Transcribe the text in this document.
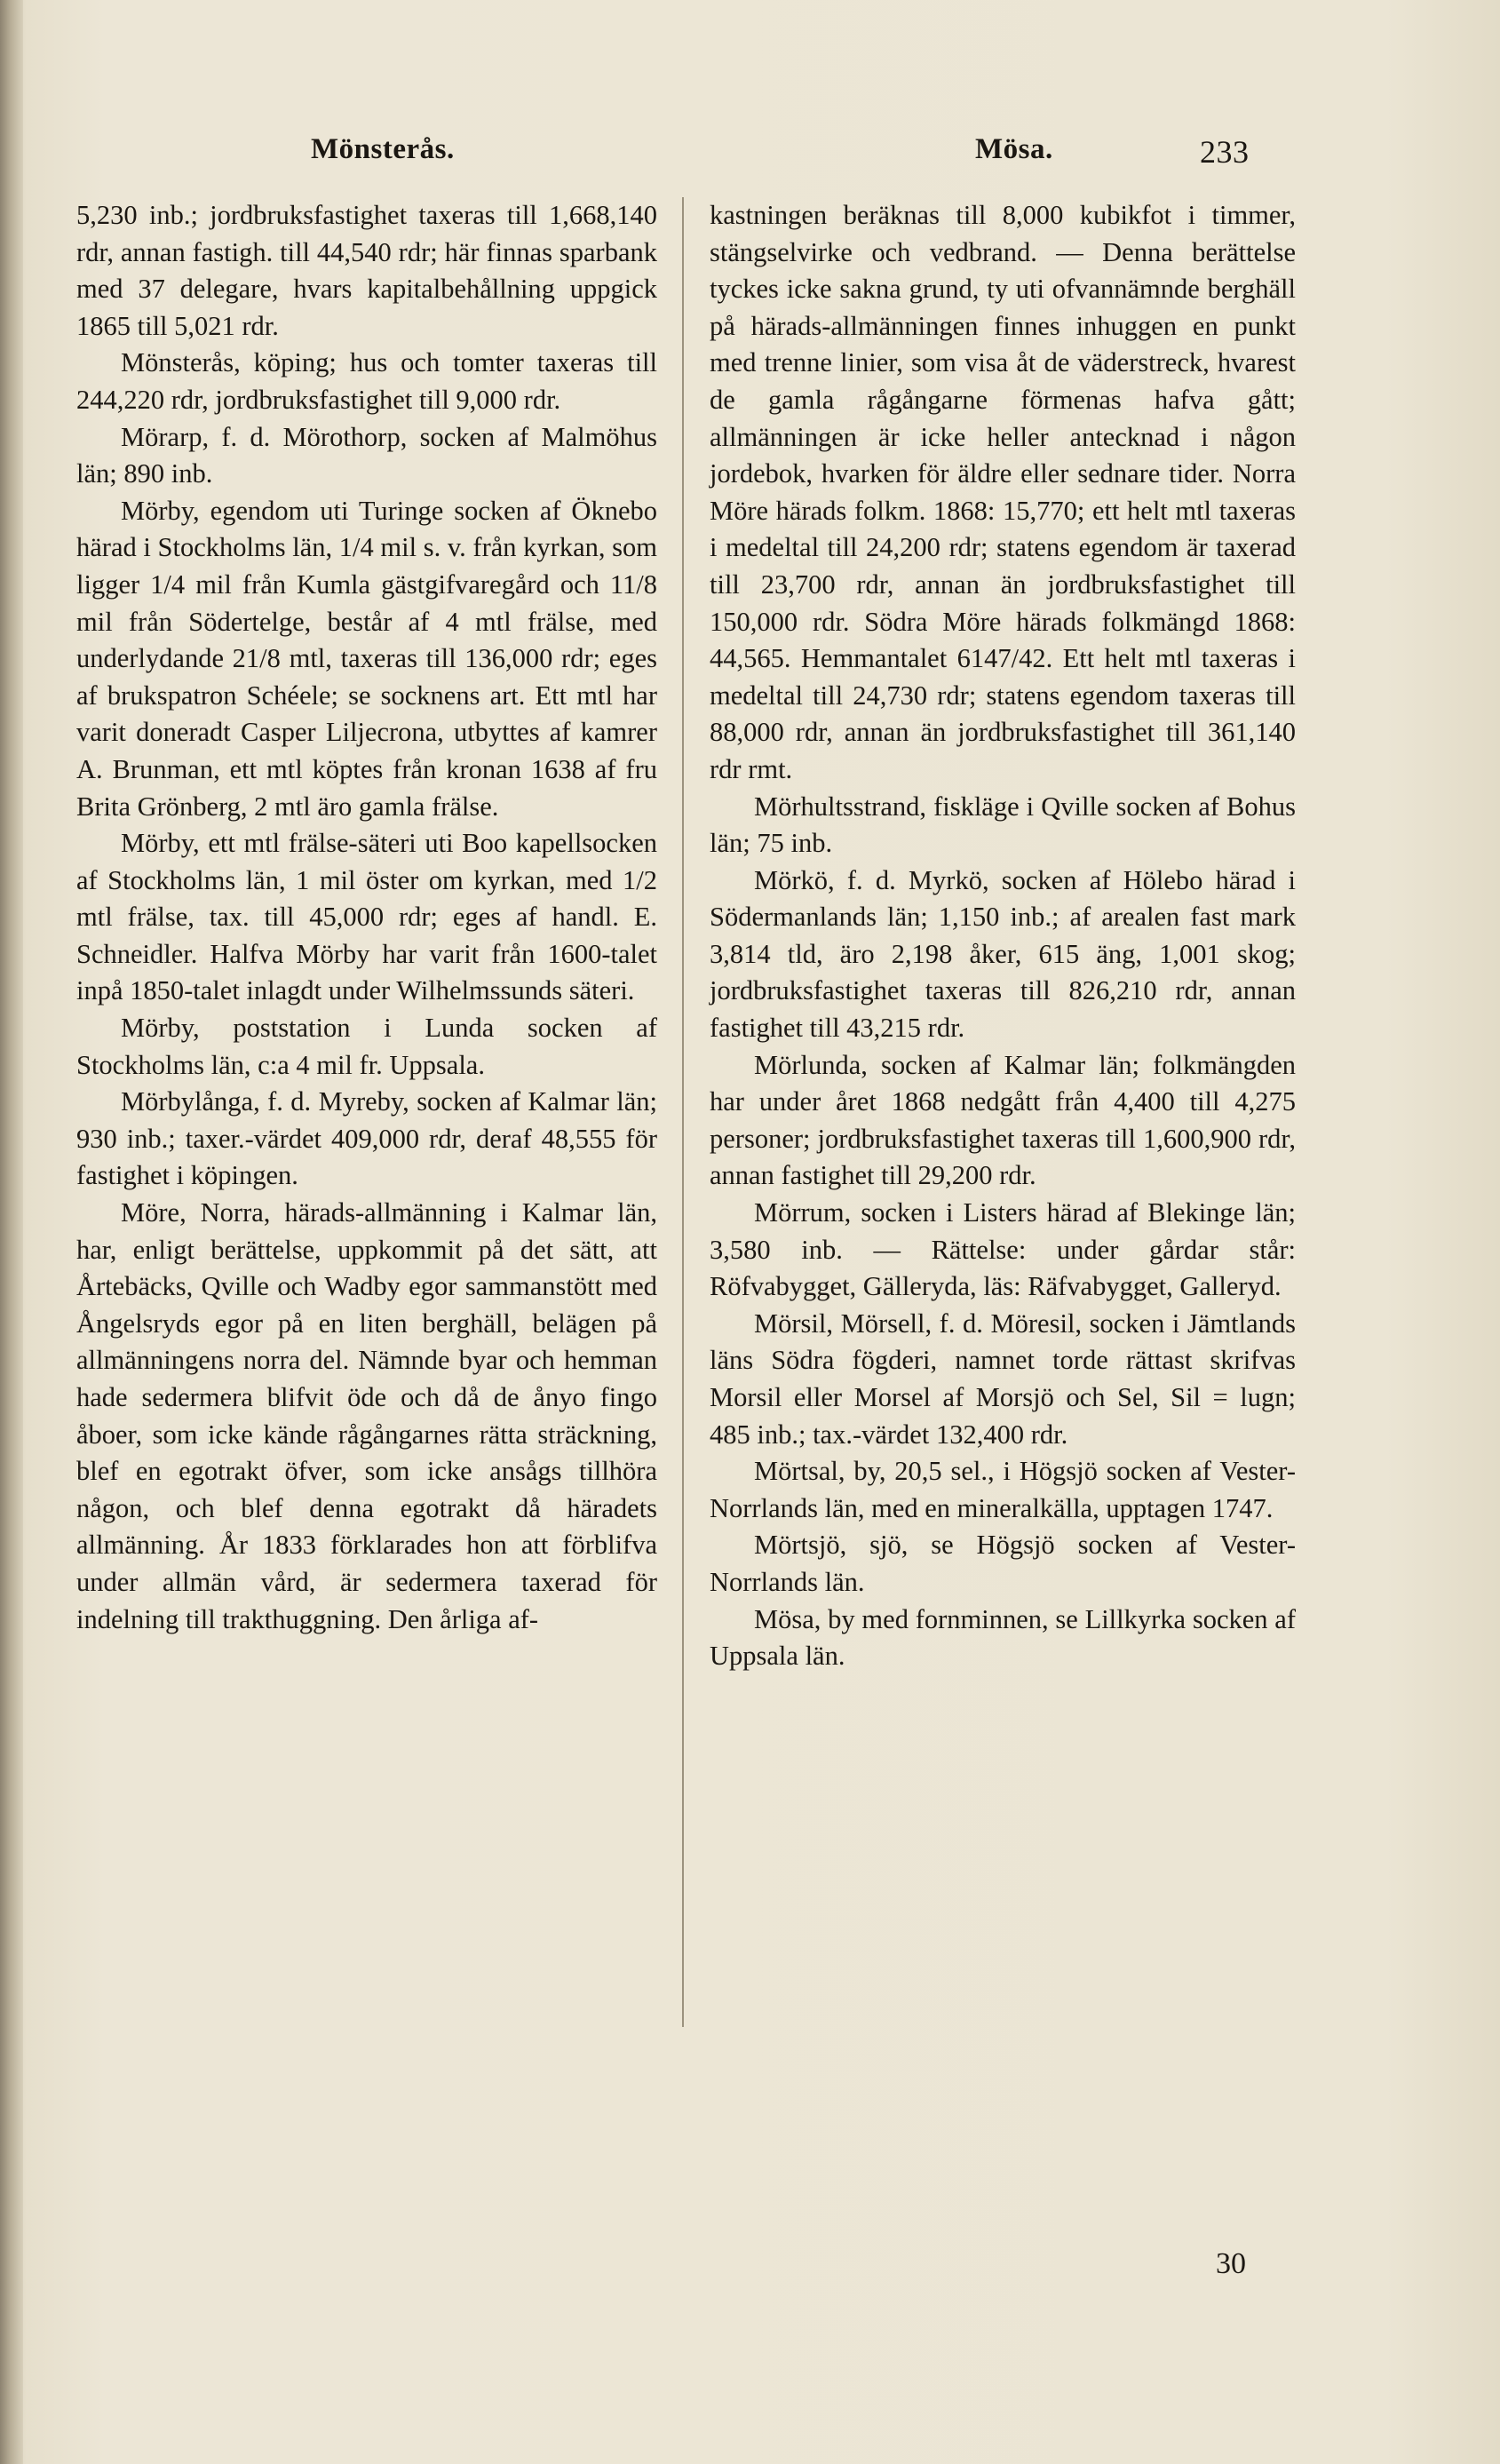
Mönsterås.	Mösa.	233

5,230 inb.; jordbruksfastighet taxeras till 1,668,140 rdr, annan fastigh. till 44,540 rdr; här finnas sparbank med 37 delegare, hvars kapitalbehållning uppgick 1865 till 5,021 rdr.

Mönsterås, köping; hus och tomter taxeras till 244,220 rdr, jordbruksfastighet till 9,000 rdr.

Mörarp, f. d. Mörothorp, socken af Malmöhus län; 890 inb.

Mörby, egendom uti Turinge socken af Öknebo härad i Stockholms län, 1/4 mil s. v. från kyrkan, som ligger 1/4 mil från Kumla gästgifvaregård och 11/8 mil från Södertelge, består af 4 mtl frälse, med underlydande 21/8 mtl, taxeras till 136,000 rdr; eges af brukspatron Schéele; se socknens art. Ett mtl har varit doneradt Casper Liljecrona, utbyttes af kamrer A. Brunman, ett mtl köptes från kronan 1638 af fru Brita Grönberg, 2 mtl äro gamla frälse.

Mörby, ett mtl frälse-säteri uti Boo kapellsocken af Stockholms län, 1 mil öster om kyrkan, med 1/2 mtl frälse, tax. till 45,000 rdr; eges af handl. E. Schneidler. Halfva Mörby har varit från 1600-talet inpå 1850-talet inlagdt under Wilhelmssunds säteri.

Mörby, poststation i Lunda socken af Stockholms län, c:a 4 mil fr. Uppsala.

Mörbylånga, f. d. Myreby, socken af Kalmar län; 930 inb.; taxer.-värdet 409,000 rdr, deraf 48,555 för fastighet i köpingen.

Möre, Norra, härads-allmänning i Kalmar län, har, enligt berättelse, uppkommit på det sätt, att Årtebäcks, Qville och Wadby egor sammanstött med Ångelsryds egor på en liten berghäll, belägen på allmänningens norra del. Nämnde byar och hemman hade sedermera blifvit öde och då de ånyo fingo åboer, som icke kände rågångarnes rätta sträckning, blef en egotrakt öfver, som icke ansågs tillhöra någon, och blef denna egotrakt då häradets allmänning. År 1833 förklarades hon att förblifva under allmän vård, är sedermera taxerad för indelning till trakthuggning. Den årliga af-

kastningen beräknas till 8,000 kubikfot i timmer, stängselvirke och vedbrand. — Denna berättelse tyckes icke sakna grund, ty uti ofvannämnde berghäll på härads-allmänningen finnes inhuggen en punkt med trenne linier, som visa åt de väderstreck, hvarest de gamla rågångarne förmenas hafva gått; allmänningen är icke heller antecknad i någon jordebok, hvarken för äldre eller sednare tider. Norra Möre härads folkm. 1868: 15,770; ett helt mtl taxeras i medeltal till 24,200 rdr; statens egendom är taxerad till 23,700 rdr, annan än jordbruksfastighet till 150,000 rdr. Södra Möre härads folkmängd 1868: 44,565. Hemmantalet 6147/42. Ett helt mtl taxeras i medeltal till 24,730 rdr; statens egendom taxeras till 88,000 rdr, annan än jordbruksfastighet till 361,140 rdr rmt.

Mörhultsstrand, fiskläge i Qville socken af Bohus län; 75 inb.

Mörkö, f. d. Myrkö, socken af Hölebo härad i Södermanlands län; 1,150 inb.; af arealen fast mark 3,814 tld, äro 2,198 åker, 615 äng, 1,001 skog; jordbruksfastighet taxeras till 826,210 rdr, annan fastighet till 43,215 rdr.

Mörlunda, socken af Kalmar län; folkmängden har under året 1868 nedgått från 4,400 till 4,275 personer; jordbruksfastighet taxeras till 1,600,900 rdr, annan fastighet till 29,200 rdr.

Mörrum, socken i Listers härad af Blekinge län; 3,580 inb. — Rättelse: under gårdar står: Röfvabygget, Gälleryda, läs: Räfvabygget, Galleryd.

Mörsil, Mörsell, f. d. Möresil, socken i Jämtlands läns Södra fögderi, namnet torde rättast skrifvas Morsil eller Morsel af Morsjö och Sel, Sil = lugn; 485 inb.; tax.-värdet 132,400 rdr.

Mörtsal, by, 20,5 sel., i Högsjö socken af Vester-Norrlands län, med en mineralkälla, upptagen 1747.

Mörtsjö, sjö, se Högsjö socken af Vester-Norrlands län.

Mösa, by med fornminnen, se Lillkyrka socken af Uppsala län.

30
